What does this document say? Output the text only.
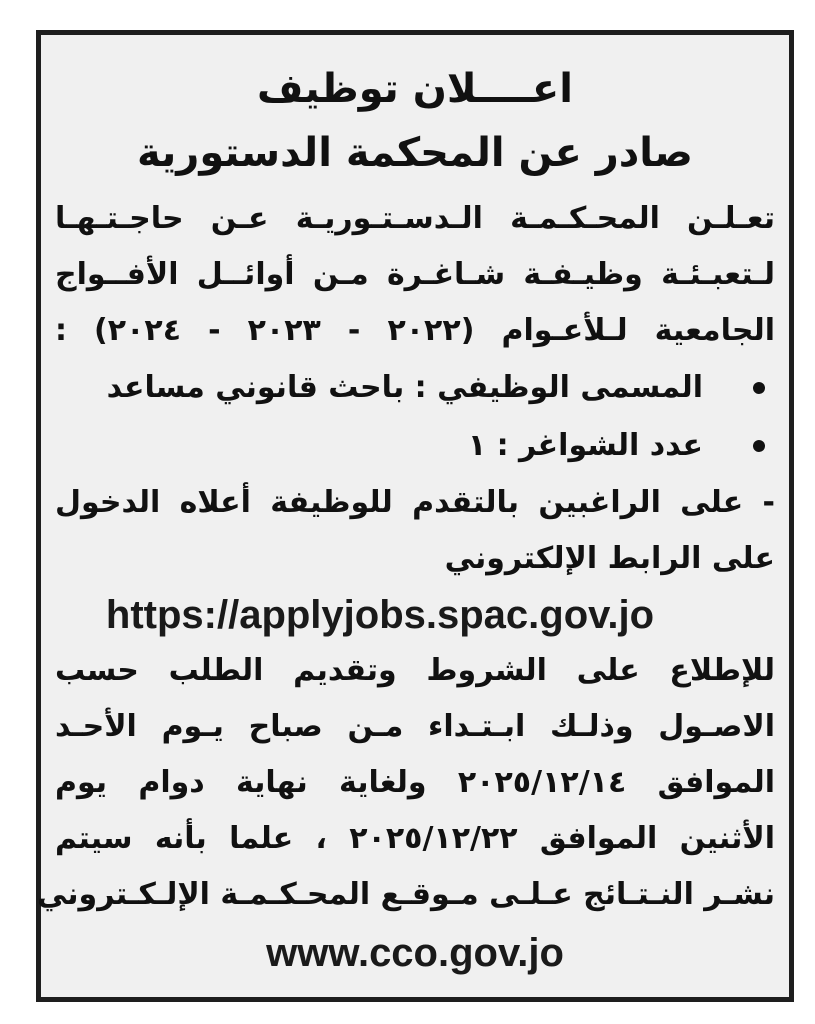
اعــــلان توظيف
صادر عن المحكمة الدستورية
تعـلـن المحـكـمـة الـدسـتـوريـة عـن حاجـتـهـا
لـتعبـئـة وظيـفـة شـاغـرة مـن أوائــل الأفــواج
الجامعية لـلأعـوام (٢٠٢٢ - ٢٠٢٣ - ٢٠٢٤) :
المسمى الوظيفي : باحث قانوني مساعد
عدد الشواغر : ١
- على الراغبين بالتقدم للوظيفة أعلاه الدخول
على الرابط الإلكتروني
https://applyjobs.spac.gov.jo
للإطلاع على الشروط وتقديم الطلب حسب
الاصـول وذلـك ابـتـداء مـن صباح يـوم الأحـد
الموافق ٢٠٢٥/١٢/١٤ ولغاية نهاية دوام يوم
الأثنين الموافق ٢٠٢٥/١٢/٢٢ ، علما بأنه سيتم
نشـر النـتـائج عـلـى مـوقـع المحـكـمـة الإلـكـتروني
www.cco.gov.jo
